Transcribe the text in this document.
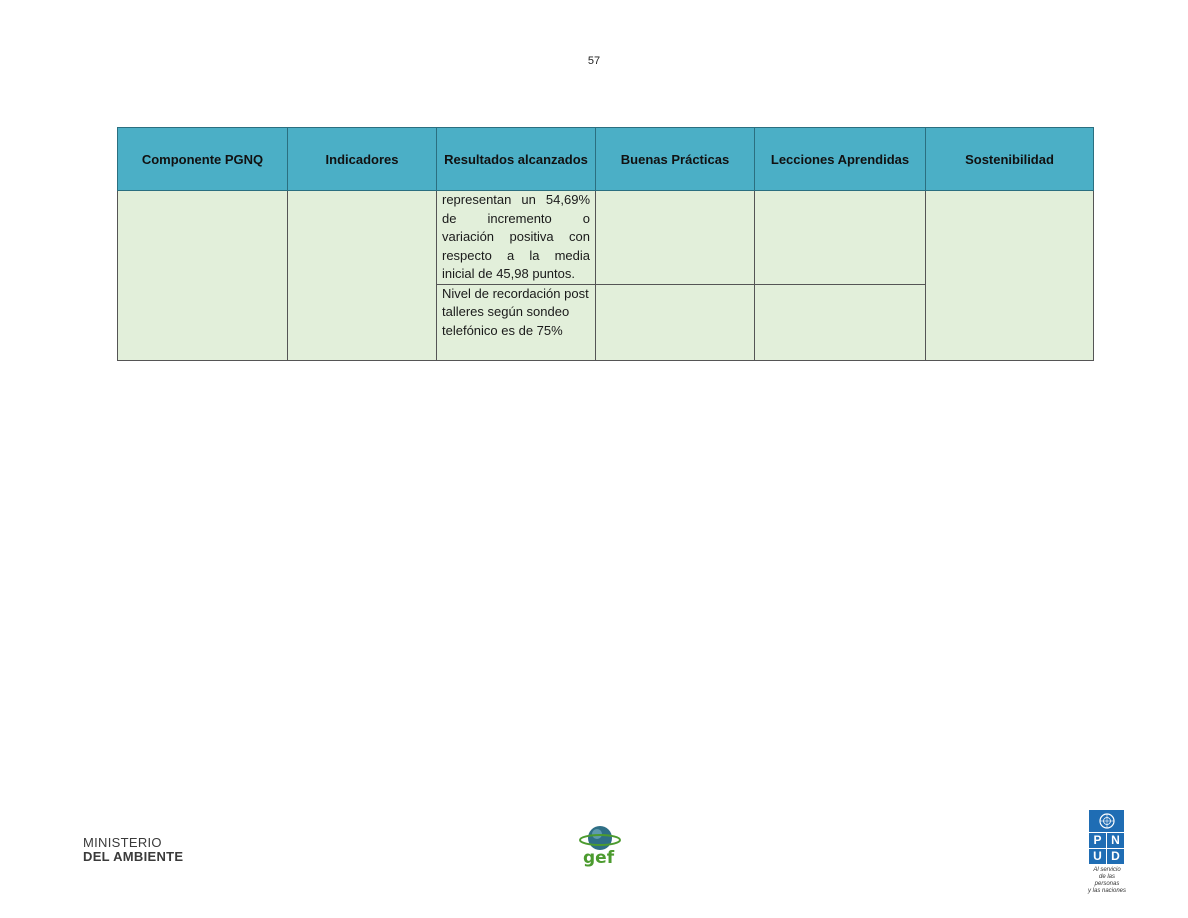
57
Componente PGNQ	Indicadores	Resultados alcanzados	Buenas Prácticas	Lecciones Aprendidas	Sostenibilidad
		representan un 54,69% de incremento o variación positiva con respecto a la media inicial de 45,98 puntos.			
		Nivel de recordación post talleres según sondeo telefónico es de 75%			
MINISTERIO
DEL AMBIENTE	gef
P N
U D
Al servicio
de las personas
y las naciones
